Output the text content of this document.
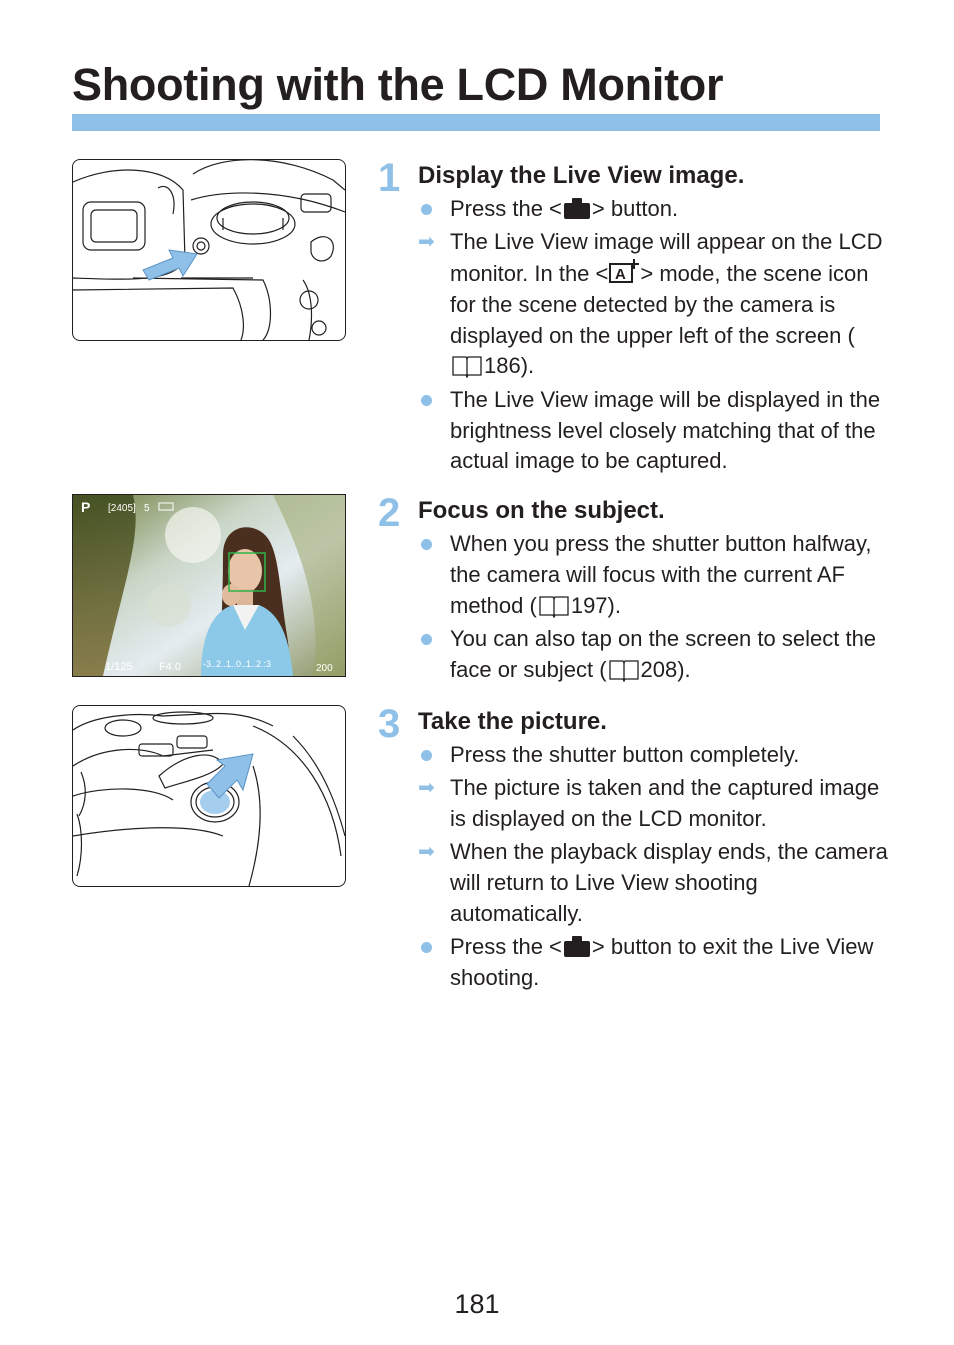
Shooting with the LCD Monitor
P [2405] 5
1/125 F4.0 -3..2..1..0..1..2.:3	200
1 Display the Live View image.
Press the < > button.
➡ The Live View image will appear on the LCD monitor. In the < A > mode, the scene icon for the scene detected by the camera is displayed on the upper left of the screen (186).
The Live View image will be displayed in the brightness level closely matching that of the actual image to be captured.
2 Focus on the subject.
When you press the shutter button halfway, the camera will focus with the current AF method ( 197).
You can also tap on the screen to select the face or subject ( 208).
3 Take the picture.
Press the shutter button completely.
➡ The picture is taken and the captured image is displayed on the LCD monitor.
➡ When the playback display ends, the camera will return to Live View shooting automatically.
Press the < > button to exit the Live View shooting.
181
